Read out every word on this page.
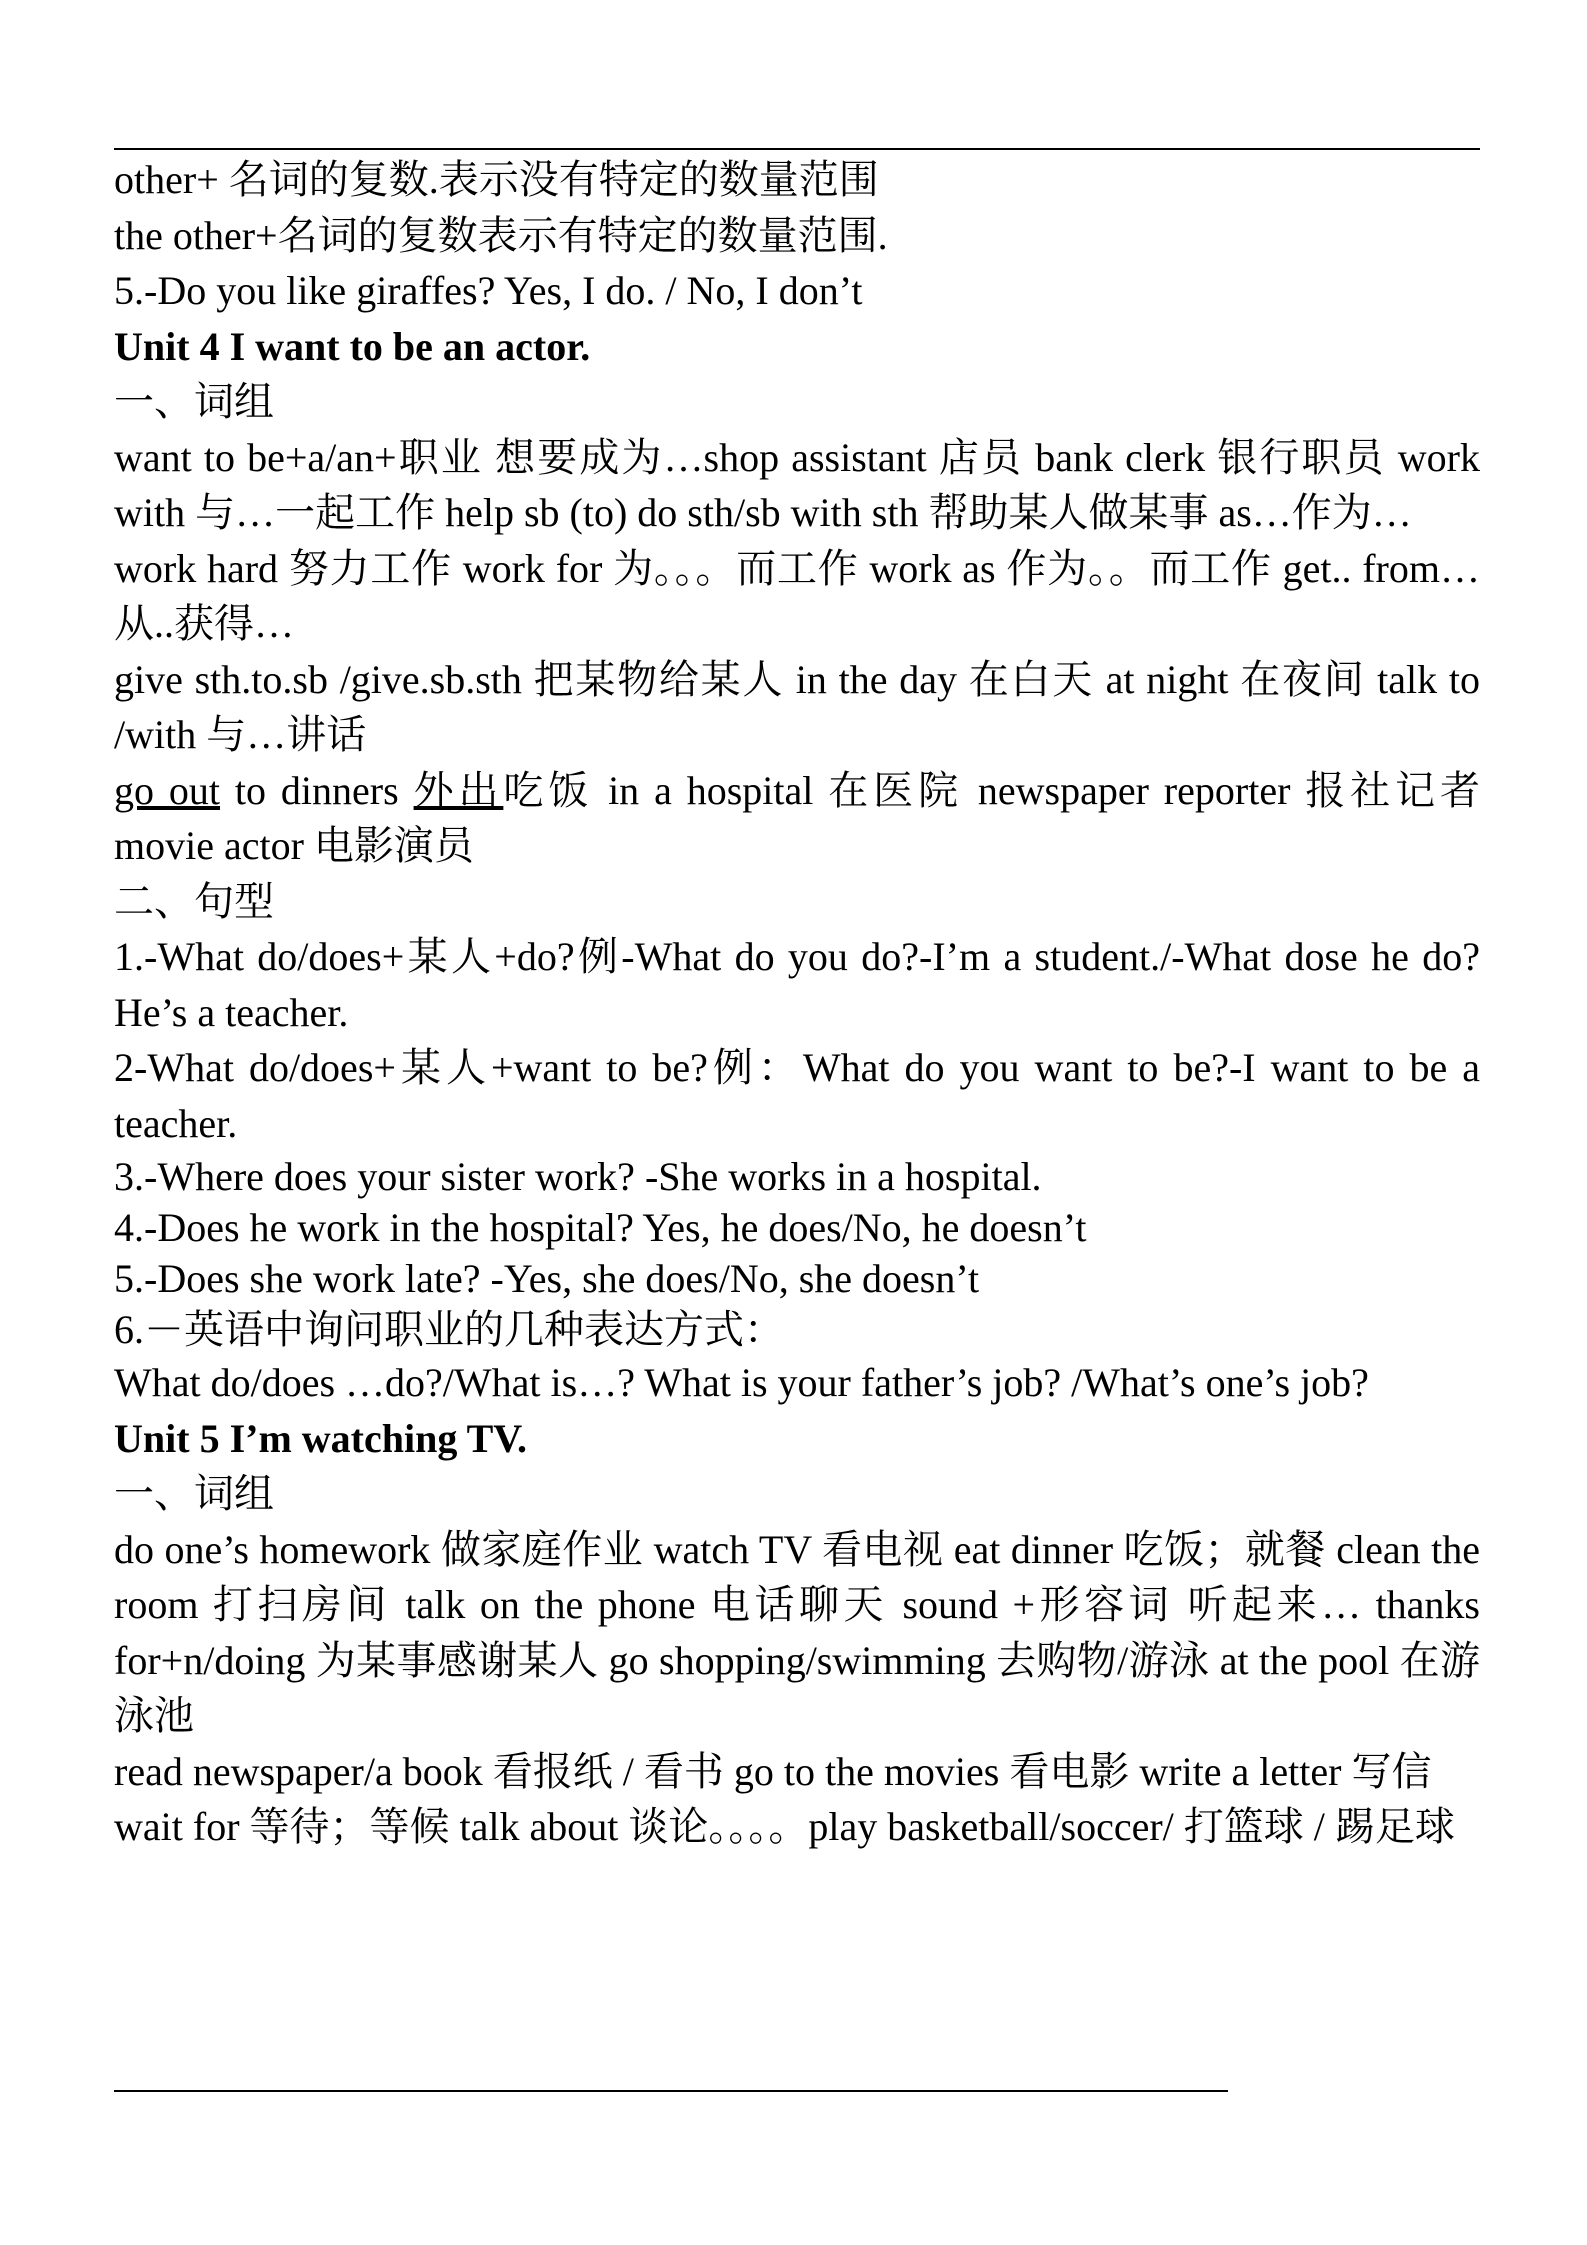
other+ 名词的复数.表示没有特定的数量范围
the other+名词的复数表示有特定的数量范围.
5.-Do you like giraffes? Yes, I do. / No, I don’t
Unit 4 I want to be an actor.
一、词组
want to be+a/an+职业 想要成为…shop assistant 店员 bank clerk 银行职员 work with 与…一起工作 help sb (to) do sth/sb with sth 帮助某人做某事 as…作为…
work hard 努力工作 work for 为。。。而工作 work as 作为。。而工作 get.. from…从..获得…
give sth.to.sb /give.sb.sth 把某物给某人 in the day 在白天 at night 在夜间 talk to /with 与…讲话
go out to dinners 外出吃饭 in a hospital 在医院 newspaper reporter 报社记者 movie actor 电影演员
二、句型
1.-What do/does+某人+do?例-What do you do?-I’m a student./-What dose he do? He’s a teacher.
2-What do/does+某人+want to be?例：What do you want to be?-I want to be a teacher.
3.-Where does your sister work? -She works in a hospital.
4.-Does he work in the hospital? Yes, he does/No, he doesn’t
5.-Does she work late? -Yes, she does/No, she doesn’t
6.－英语中询问职业的几种表达方式：
What do/does …do?/What is…? What is your father’s job? /What’s one’s job?
Unit 5 I’m watching TV.
一、词组
do one’s homework 做家庭作业 watch TV 看电视 eat dinner 吃饭；就餐 clean the room 打扫房间 talk on the phone 电话聊天 sound +形容词 听起来… thanks for+n/doing 为某事感谢某人 go shopping/swimming 去购物/游泳 at the pool 在游泳池
read newspaper/a book 看报纸 / 看书 go to the movies 看电影 write a letter 写信
wait for 等待；等候 talk about 谈论。。。。play basketball/soccer/ 打篮球 / 踢足球
